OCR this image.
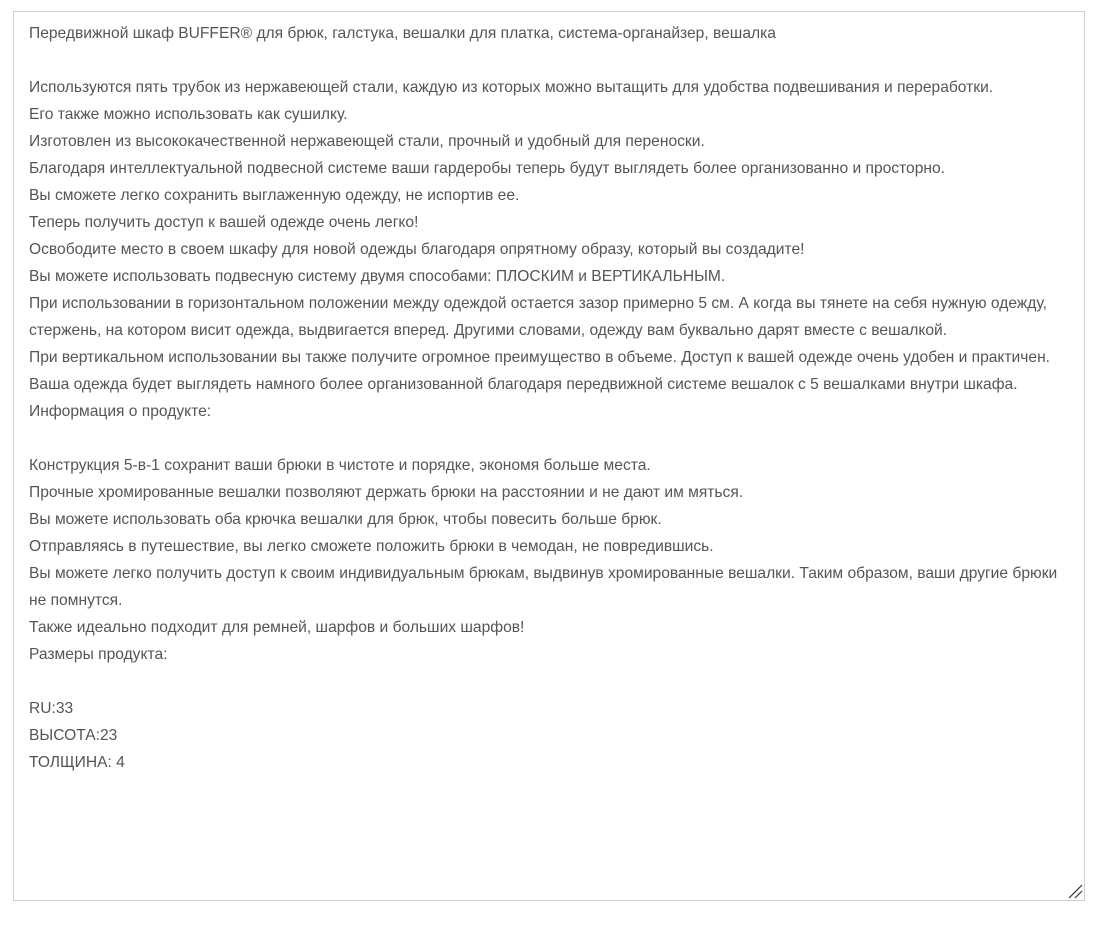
Передвижной шкаф BUFFER® для брюк, галстука, вешалки для платка, система-органайзер, вешалка
Используются пять трубок из нержавеющей стали, каждую из которых можно вытащить для удобства подвешивания и переработки.
Его также можно использовать как сушилку.
Изготовлен из высококачественной нержавеющей стали, прочный и удобный для переноски.
Благодаря интеллектуальной подвесной системе ваши гардеробы теперь будут выглядеть более организованно и просторно.
Вы сможете легко сохранить выглаженную одежду, не испортив ее.
Теперь получить доступ к вашей одежде очень легко!
Освободите место в своем шкафу для новой одежды благодаря опрятному образу, который вы создадите!
Вы можете использовать подвесную систему двумя способами: ПЛОСКИМ и ВЕРТИКАЛЬНЫМ.
При использовании в горизонтальном положении между одеждой остается зазор примерно 5 см. А когда вы тянете на себя нужную одежду, стержень, на котором висит одежда, выдвигается вперед. Другими словами, одежду вам буквально дарят вместе с вешалкой.
При вертикальном использовании вы также получите огромное преимущество в объеме. Доступ к вашей одежде очень удобен и практичен.
Ваша одежда будет выглядеть намного более организованной благодаря передвижной системе вешалок с 5 вешалками внутри шкафа.
Информация о продукте:
Конструкция 5-в-1 сохранит ваши брюки в чистоте и порядке, экономя больше места.
Прочные хромированные вешалки позволяют держать брюки на расстоянии и не дают им мяться.
Вы можете использовать оба крючка вешалки для брюк, чтобы повесить больше брюк.
Отправляясь в путешествие, вы легко сможете положить брюки в чемодан, не повредившись.
Вы можете легко получить доступ к своим индивидуальным брюкам, выдвинув хромированные вешалки. Таким образом, ваши другие брюки не помнутся.
Также идеально подходит для ремней, шарфов и больших шарфов!
Размеры продукта:
RU:33
ВЫСОТА:23
ТОЛЩИНА: 4
